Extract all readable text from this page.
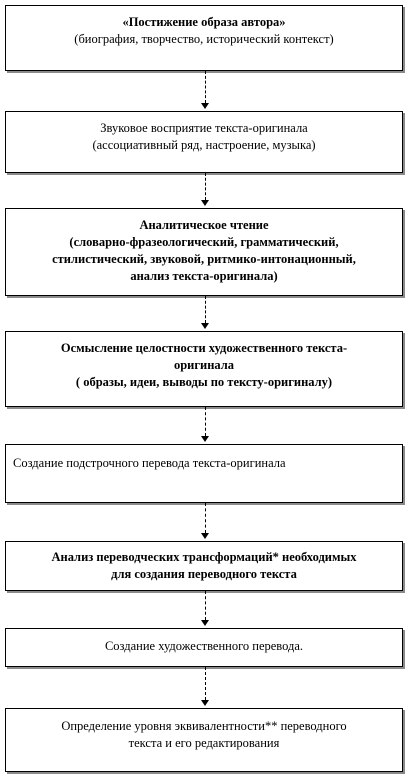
«Постижение образа автора»
(биография, творчество, исторический контекст)
Звуковое восприятие текста-оригинала
(ассоциативный ряд, настроение, музыка)
Аналитическое чтение
(словарно-фразеологический, грамматический,
стилистический, звуковой, ритмико-интонационный,
анализ текста-оригинала)
Осмысление целостности художественного текста-
оригинала
( образы, идеи, выводы по тексту-оригиналу)
Создание подстрочного перевода текста-оригинала
Анализ переводческих трансформаций* необходимых
для создания переводного текста
Создание художественного перевода.
Определение уровня эквивалентности** переводного
текста и его редактирования
